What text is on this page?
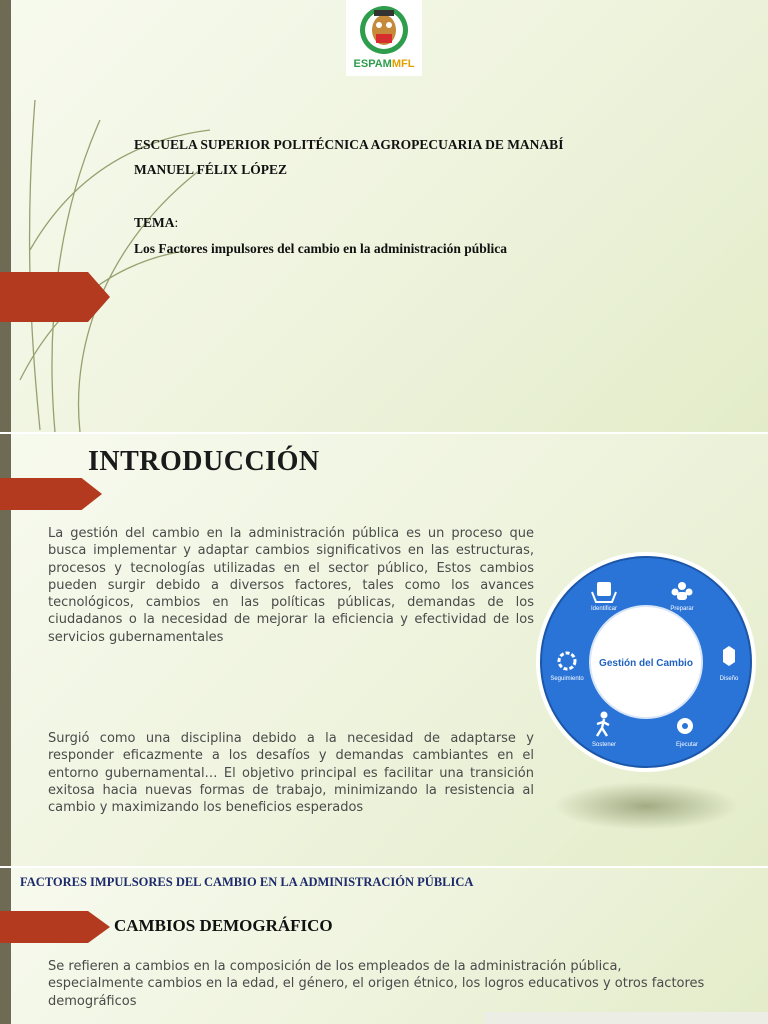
ESPAMMFL
ESCUELA SUPERIOR POLITÉCNICA AGROPECUARIA DE MANABÍ
MANUEL FÉLIX LÓPEZ
TEMA:
Los Factores impulsores del cambio en la administración pública
INTRODUCCIÓN

La gestión del cambio en la administración pública es un proceso que busca implementar y adaptar cambios significativos en las estructuras, procesos y tecnologías utilizadas en el sector público, Estos cambios pueden surgir debido a diversos factores, tales como los avances tecnológicos, cambios en las políticas públicas, demandas de los ciudadanos o la necesidad de mejorar la eficiencia y efectividad de los servicios gubernamentales

Surgió como una disciplina debido a la necesidad de adaptarse y responder eficazmente a los desafíos y demandas cambiantes en el entorno gubernamental… El objetivo principal es facilitar una transición exitosa hacia nuevas formas de trabajo, minimizando la resistencia al cambio y maximizando los beneficios esperados

Identificar	Preparar
Diseño
Ejecutar
Sostener
Seguimiento
Gestión del Cambio
FACTORES IMPULSORES DEL CAMBIO EN LA ADMINISTRACIÓN PÚBLICA
CAMBIOS DEMOGRÁFICO

Se refieren a cambios en la composición de los empleados de la administración pública, especialmente cambios en la edad, el género, el origen étnico, los logros educativos y otros factores demográficos
